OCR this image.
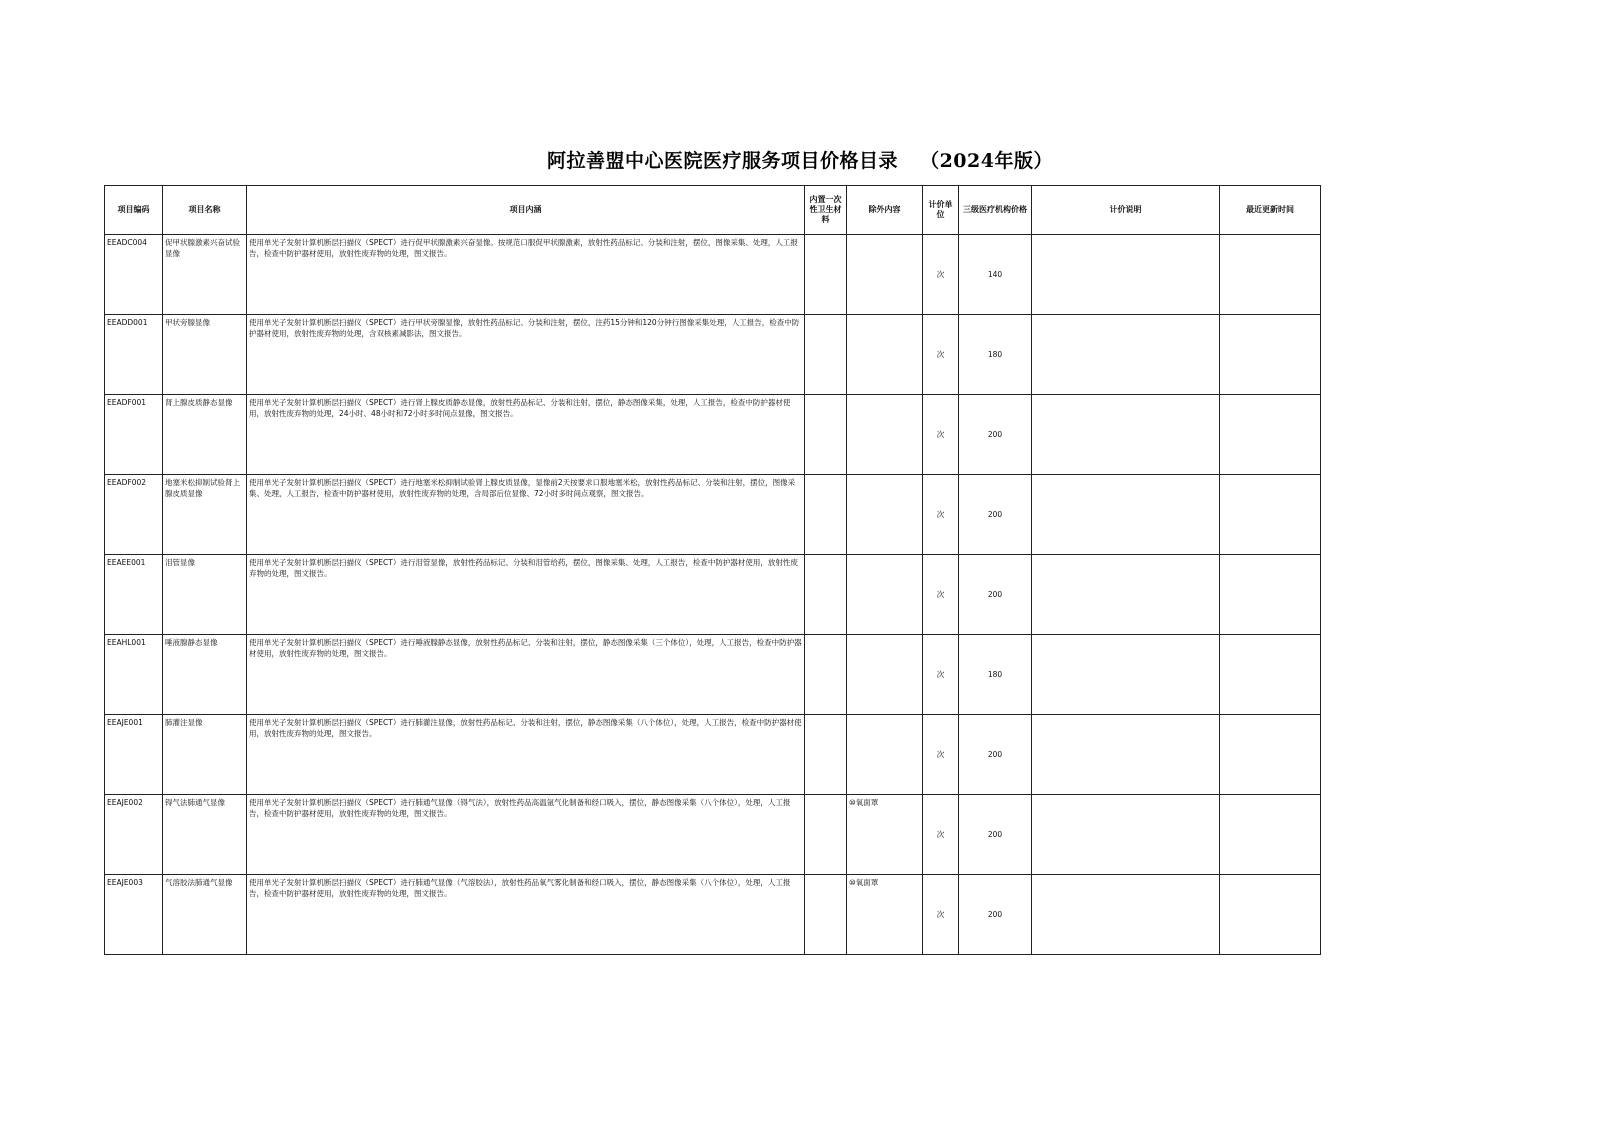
阿拉善盟中心医院医疗服务项目价格目录 （2024年版）
项目编码	项目名称	项目内涵	内置一次性卫生材料	除外内容	计价单位	三级医疗机构价格	计价说明	最近更新时间
EEADC004	促甲状腺激素兴奋试验显像	使用单光子发射计算机断层扫描仪（SPECT）进行促甲状腺激素兴奋显像。按规范口服促甲状腺激素，放射性药品标记、分装和注射，摆位，图像采集、处理，人工报告，检查中防护器材使用，放射性废弃物的处理，图文报告。			次	140		
EEADD001	甲状旁腺显像	使用单光子发射计算机断层扫描仪（SPECT）进行甲状旁腺显像，放射性药品标记、分装和注射，摆位，注药15分钟和120分钟行图像采集处理，人工报告，检查中防护器材使用，放射性废弃物的处理，含双核素减影法，图文报告。			次	180		
EEADF001	肾上腺皮质静态显像	使用单光子发射计算机断层扫描仪（SPECT）进行肾上腺皮质静态显像，放射性药品标记、分装和注射，摆位，静态图像采集，处理，人工报告，检查中防护器材使用，放射性废弃物的处理，24小时、48小时和72小时多时间点显像，图文报告。			次	200		
EEADF002	地塞米松抑制试验肾上腺皮质显像	使用单光子发射计算机断层扫描仪（SPECT）进行地塞米松抑制试验肾上腺皮质显像，显像前2天按要求口服地塞米松，放射性药品标记、分装和注射，摆位，图像采集、处理，人工报告，检查中防护器材使用，放射性废弃物的处理，含局部后位显像、72小时多时间点观察，图文报告。			次	200		
EEAEE001	泪管显像	使用单光子发射计算机断层扫描仪（SPECT）进行泪管显像，放射性药品标记、分装和泪管给药，摆位，图像采集、处理，人工报告，检查中防护器材使用，放射性废弃物的处理，图文报告。			次	200		
EEAHL001	唾液腺静态显像	使用单光子发射计算机断层扫描仪（SPECT）进行唾液腺静态显像，放射性药品标记、分装和注射，摆位，静态图像采集（三个体位），处理，人工报告，检查中防护器材使用，放射性废弃物的处理，图文报告。			次	180		
EEAJE001	肺灌注显像	使用单光子发射计算机断层扫描仪（SPECT）进行肺灌注显像，放射性药品标记、分装和注射，摆位，静态图像采集（八个体位），处理，人工报告，检查中防护器材使用，放射性废弃物的处理，图文报告。			次	200		
EEAJE002	锝气法肺通气显像	使用单光子发射计算机断层扫描仪（SPECT）进行肺通气显像（锝气法），放射性药品高温氩气化制备和经口吸入，摆位，静态图像采集（八个体位），处理，人工报告，检查中防护器材使用，放射性废弃物的处理，图文报告。		⑩氧面罩	次	200		
EEAJE003	气溶胶法肺通气显像	使用单光子发射计算机断层扫描仪（SPECT）进行肺通气显像（气溶胶法），放射性药品氧气雾化制备和经口吸入，摆位，静态图像采集（八个体位），处理，人工报告，检查中防护器材使用，放射性废弃物的处理，图文报告。		⑩氧面罩	次	200		
